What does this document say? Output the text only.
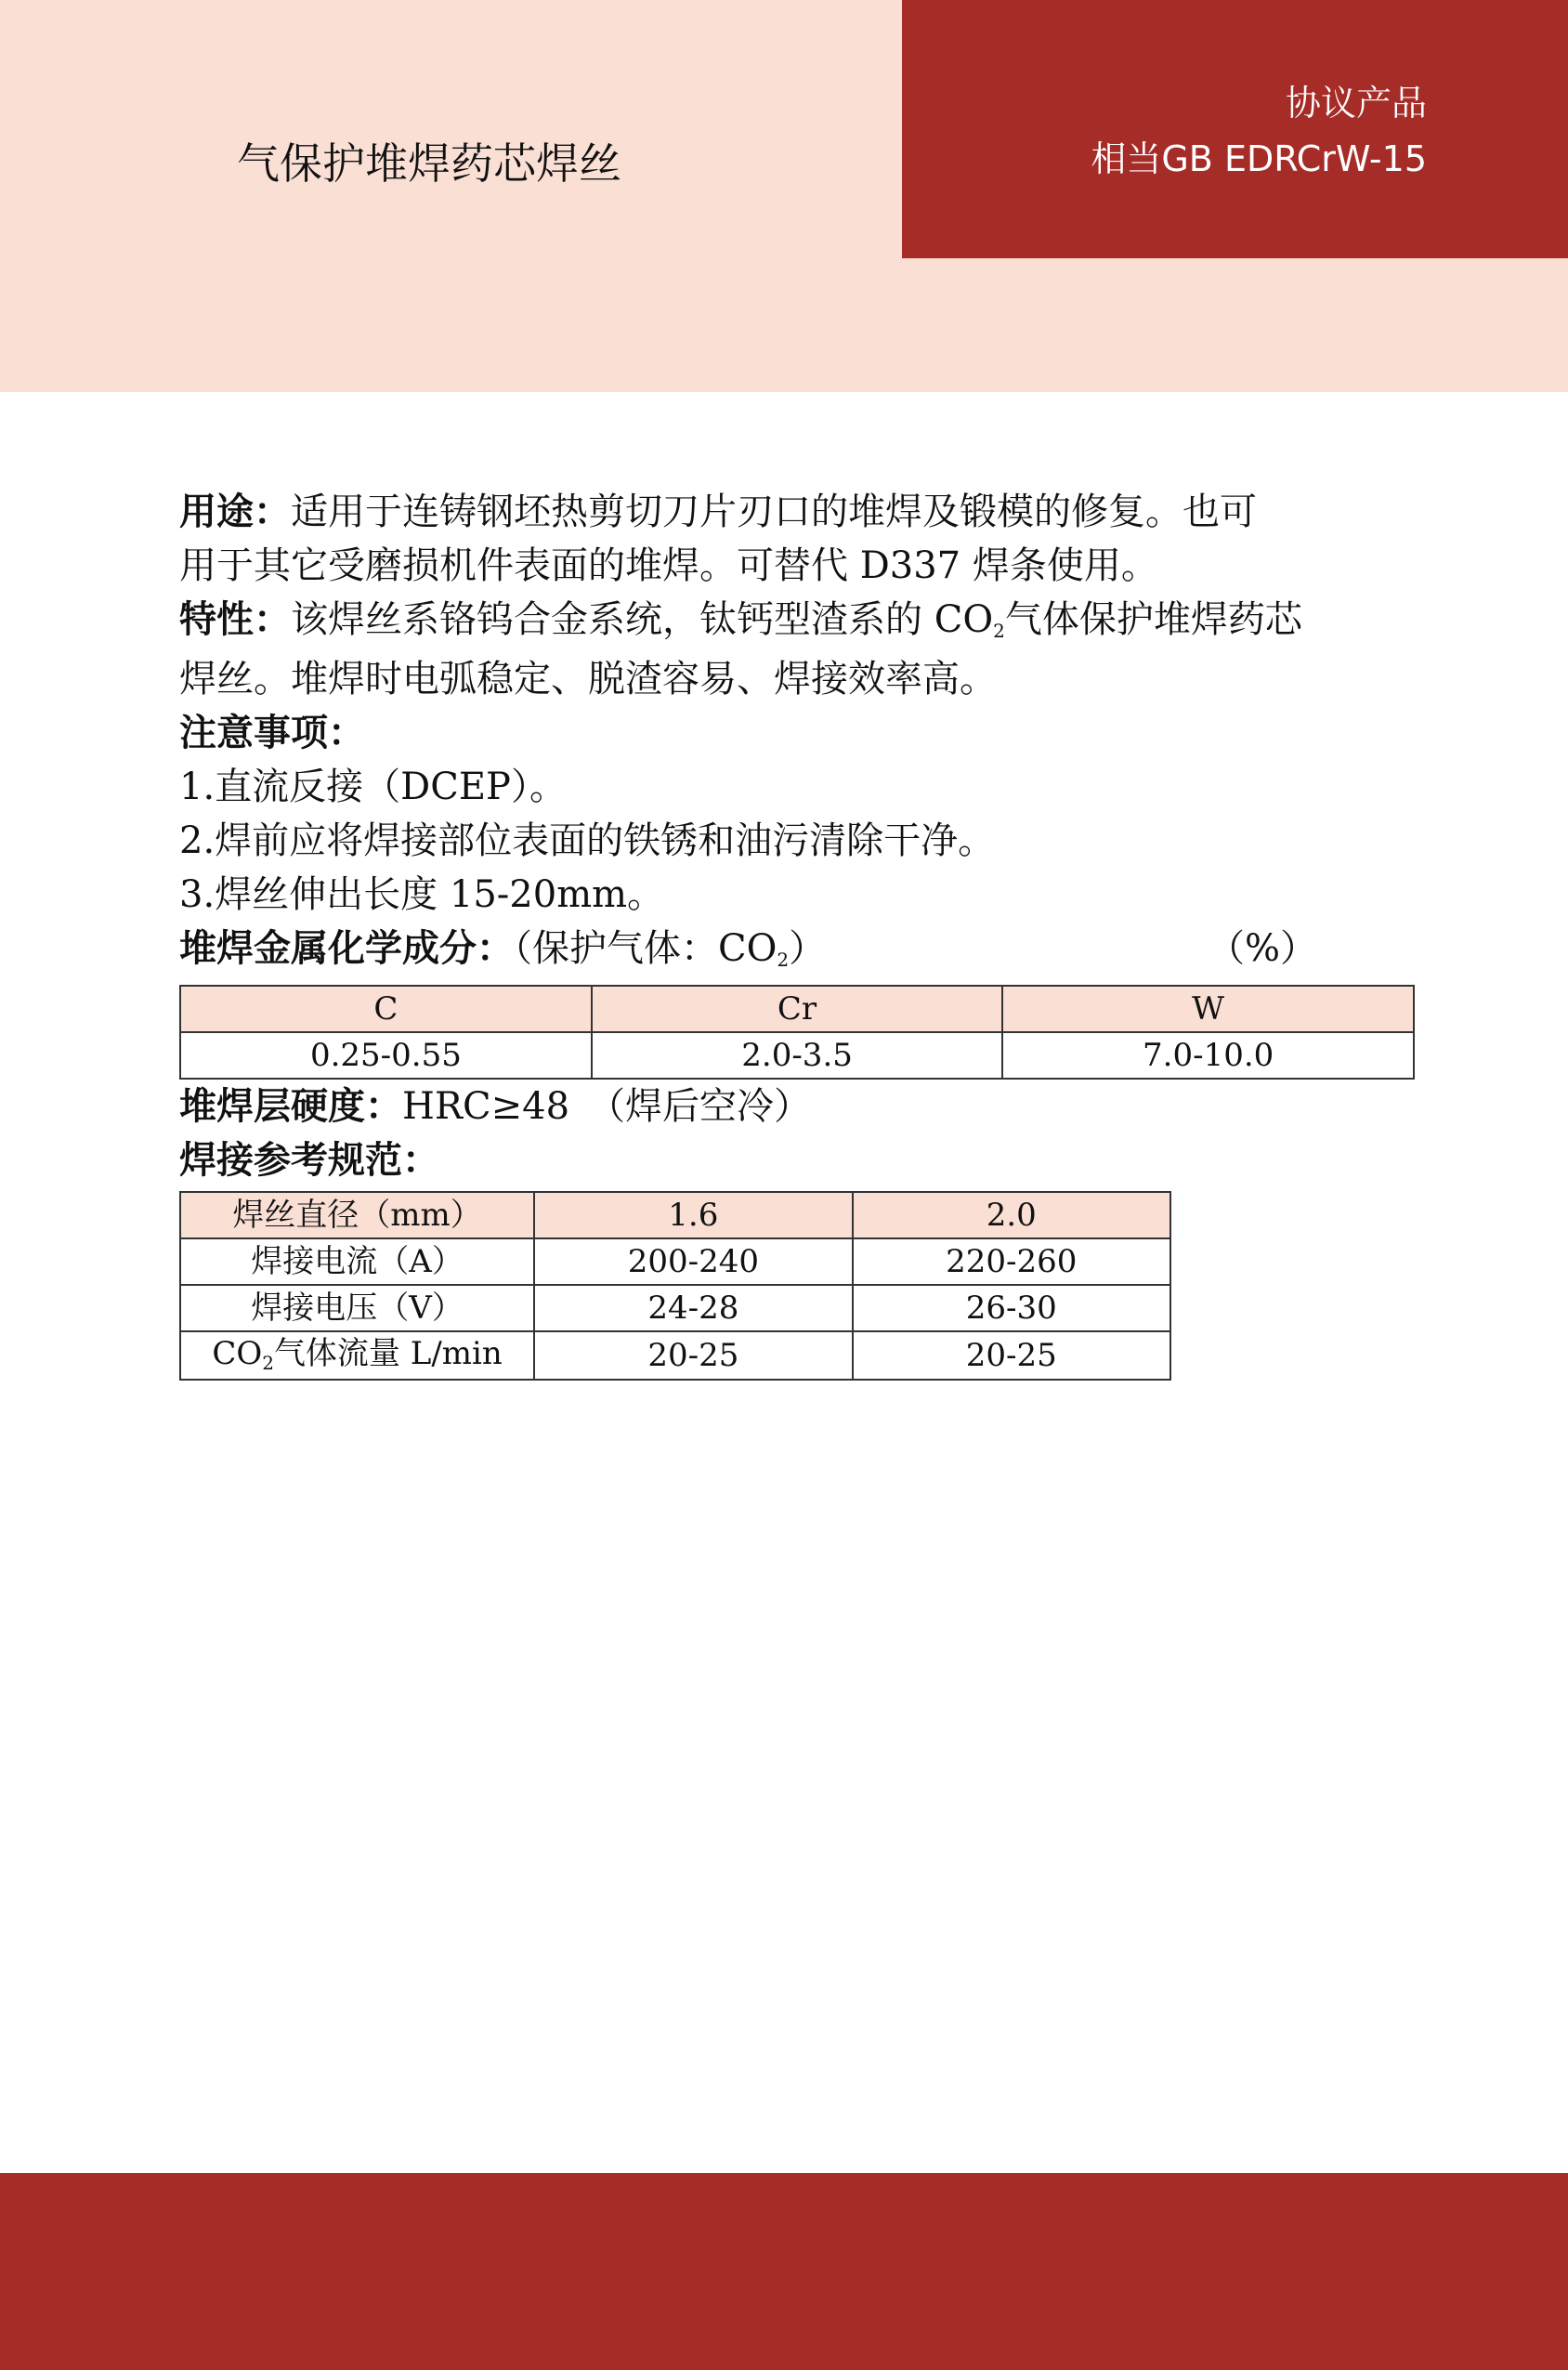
气保护堆焊药芯焊丝
协议产品
相当GB EDRCrW-15
用途：适用于连铸钢坯热剪切刀片刃口的堆焊及锻模的修复。也可
用于其它受磨损机件表面的堆焊。可替代 D337 焊条使用。
特性：该焊丝系铬钨合金系统，钛钙型渣系的 $CO_2$气体保护堆焊药芯
焊丝。堆焊时电弧稳定、脱渣容易、焊接效率高。
注意事项：
1.直流反接（DCEP）。
2.焊前应将焊接部位表面的铁锈和油污清除干净。
3.焊丝伸出长度 15-20mm。
堆焊金属化学成分：（保护气体：$CO_2$）	（%）
C	Cr	W
0.25-0.55	2.0-3.5	7.0-10.0
堆焊层硬度：HRC≥48　（焊后空冷）
焊接参考规范：
焊丝直径（mm）	1.6	2.0
焊接电流（A）	200-240	220-260
焊接电压（V）	24-28	26-30
$CO_2$气体流量 L/min	20-25	20-25
